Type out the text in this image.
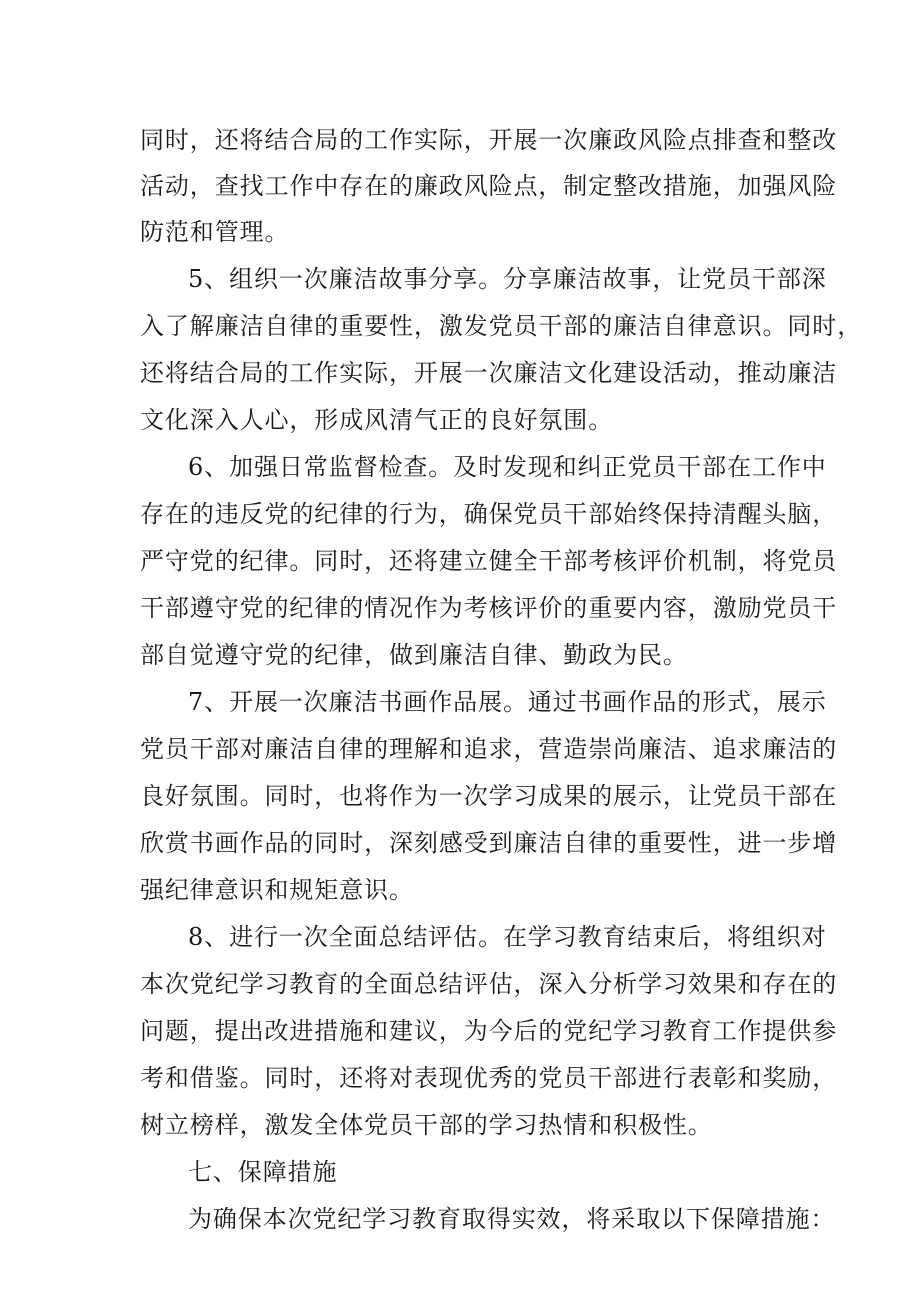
同时，还将结合局的工作实际，开展一次廉政风险点排查和整改
活动，查找工作中存在的廉政风险点，制定整改措施，加强风险
防范和管理。
5、组织一次廉洁故事分享。分享廉洁故事，让党员干部深
入了解廉洁自律的重要性，激发党员干部的廉洁自律意识。同时，
还将结合局的工作实际，开展一次廉洁文化建设活动，推动廉洁
文化深入人心，形成风清气正的良好氛围。
6、加强日常监督检查。及时发现和纠正党员干部在工作中
存在的违反党的纪律的行为，确保党员干部始终保持清醒头脑，
严守党的纪律。同时，还将建立健全干部考核评价机制，将党员
干部遵守党的纪律的情况作为考核评价的重要内容，激励党员干
部自觉遵守党的纪律，做到廉洁自律、勤政为民。
7、开展一次廉洁书画作品展。通过书画作品的形式，展示
党员干部对廉洁自律的理解和追求，营造崇尚廉洁、追求廉洁的
良好氛围。同时，也将作为一次学习成果的展示，让党员干部在
欣赏书画作品的同时，深刻感受到廉洁自律的重要性，进一步增
强纪律意识和规矩意识。
8、进行一次全面总结评估。在学习教育结束后，将组织对
本次党纪学习教育的全面总结评估，深入分析学习效果和存在的
问题，提出改进措施和建议，为今后的党纪学习教育工作提供参
考和借鉴。同时，还将对表现优秀的党员干部进行表彰和奖励，
树立榜样，激发全体党员干部的学习热情和积极性。
七、保障措施
为确保本次党纪学习教育取得实效，将采取以下保障措施：
